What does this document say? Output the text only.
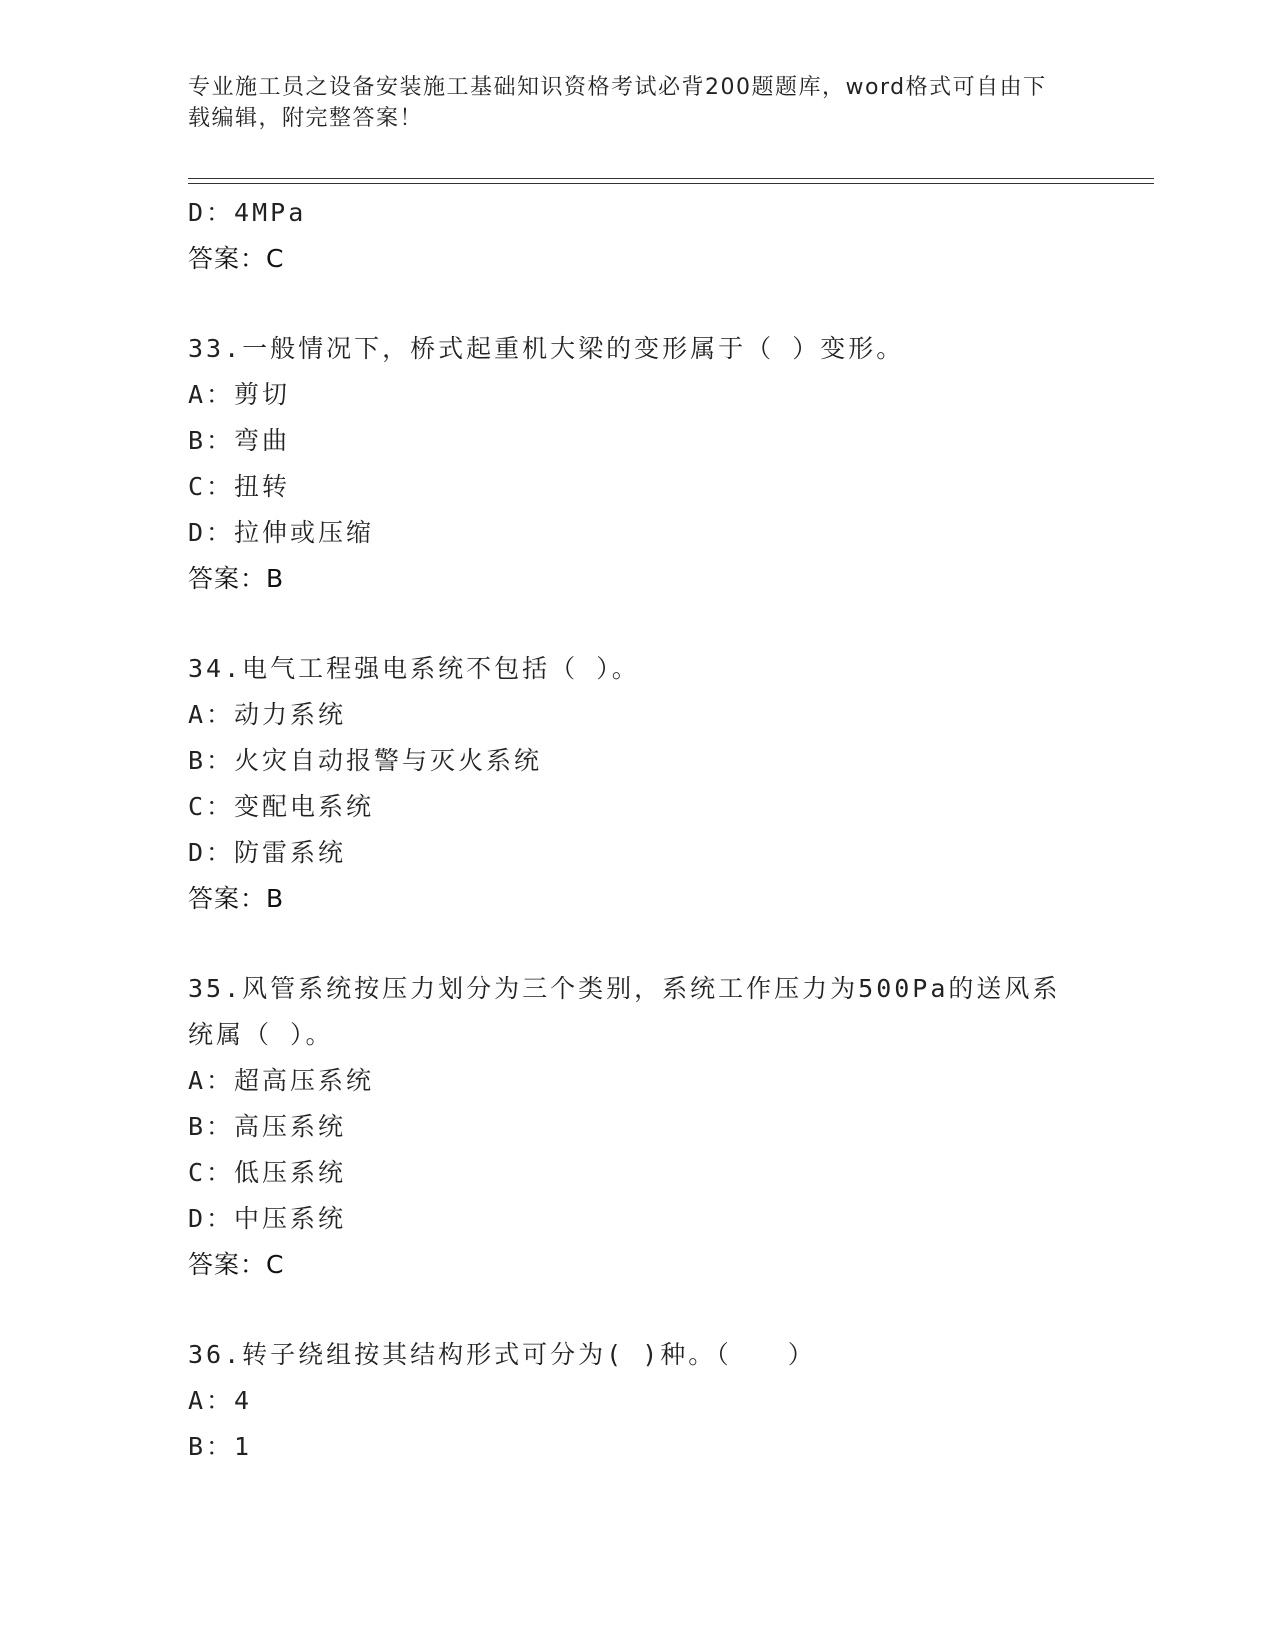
专业施工员之设备安装施工基础知识资格考试必背200题题库，word格式可自由下载编辑，附完整答案！
D：4MPa
答案：C
33.一般情况下，桥式起重机大梁的变形属于（ ）变形。
A：剪切
B：弯曲
C：扭转
D：拉伸或压缩
答案：B
34.电气工程强电系统不包括（ ）。
A：动力系统
B：火灾自动报警与灭火系统
C：变配电系统
D：防雷系统
答案：B
35.风管系统按压力划分为三个类别，系统工作压力为500Pa的送风系统属（ ）。
A：超高压系统
B：高压系统
C：低压系统
D：中压系统
答案：C
36.转子绕组按其结构形式可分为( )种。（　　）
A：4
B：1
